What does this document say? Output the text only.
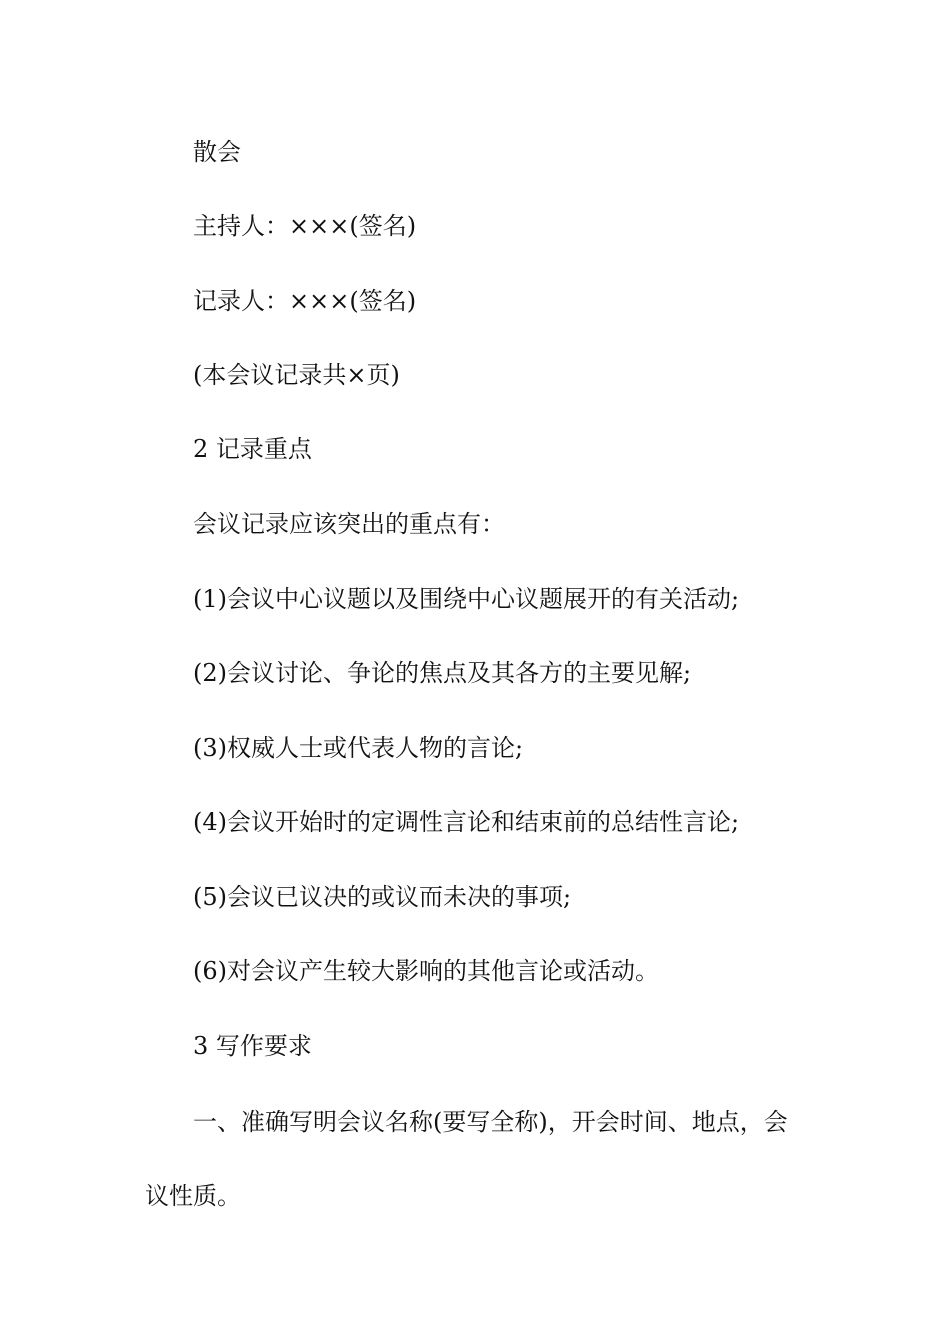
散会
主持人：×××(签名)
记录人：×××(签名)
(本会议记录共×页)
2 记录重点
会议记录应该突出的重点有：
(1)会议中心议题以及围绕中心议题展开的有关活动;
(2)会议讨论、争论的焦点及其各方的主要见解;
(3)权威人士或代表人物的言论;
(4)会议开始时的定调性言论和结束前的总结性言论;
(5)会议已议决的或议而未决的事项;
(6)对会议产生较大影响的其他言论或活动。
3 写作要求
一、准确写明会议名称(要写全称)，开会时间、地点，会
议性质。
